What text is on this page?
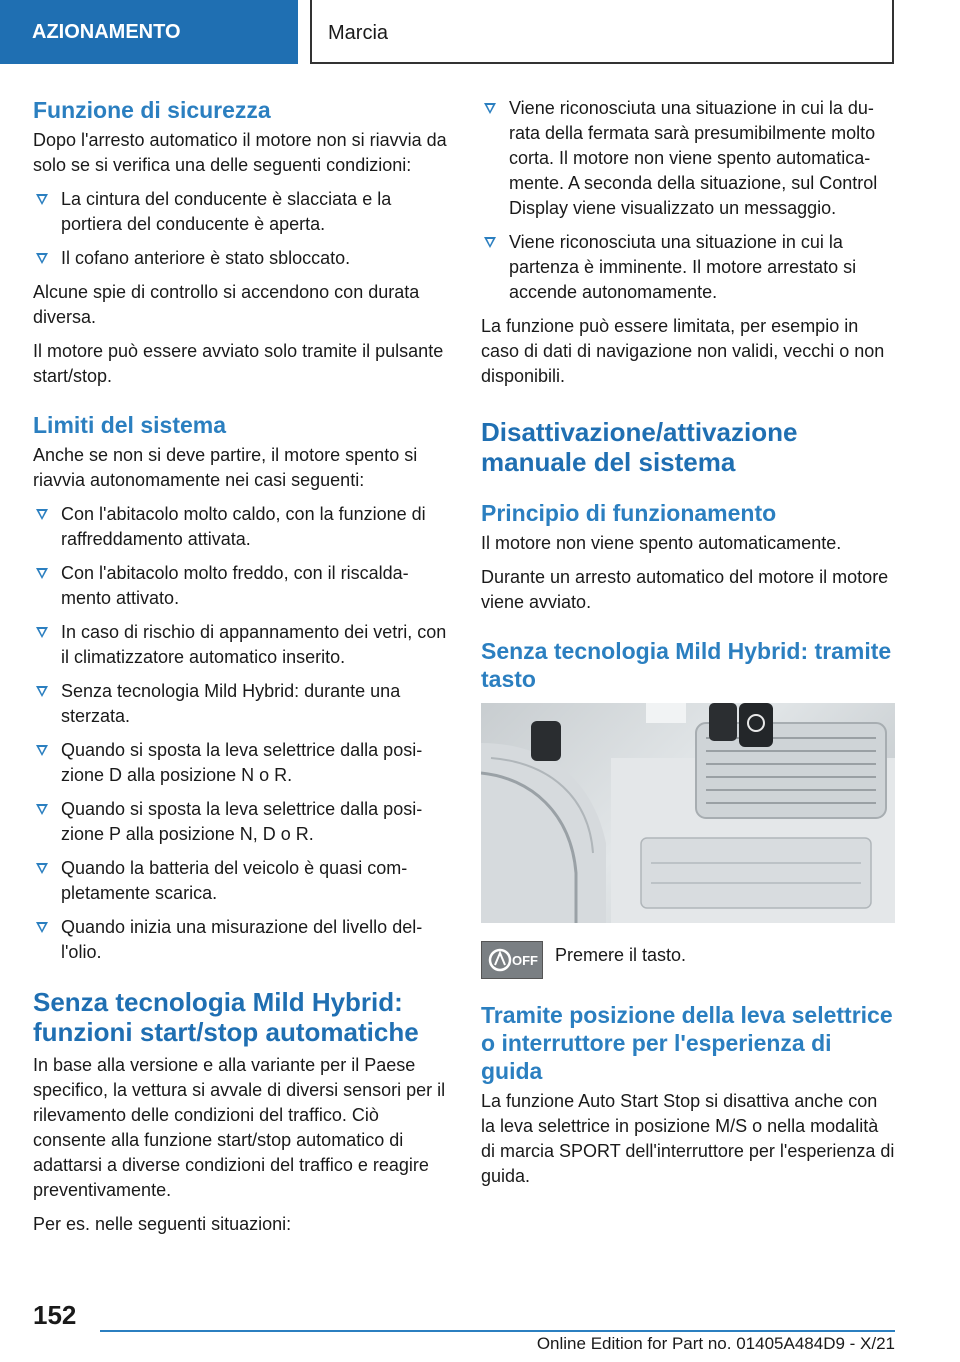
AZIONAMENTO	Marcia
Funzione di sicurezza

Dopo l'arresto automatico il motore non si riavvia da solo se si verifica una delle seguenti condizioni:

La cintura del conducente è slacciata e la portiera del conducente è aperta.
Il cofano anteriore è stato sbloccato.

Alcune spie di controllo si accendono con durata diversa.

Il motore può essere avviato solo tramite il pulsante start/stop.

Limiti del sistema

Anche se non si deve partire, il motore spento si riavvia autonomamente nei casi seguenti:

Con l'abitacolo molto caldo, con la funzione di raffreddamento attivata.
Con l'abitacolo molto freddo, con il riscaldamento attivato.
In caso di rischio di appannamento dei vetri, con il climatizzatore automatico inserito.
Senza tecnologia Mild Hybrid: durante una sterzata.
Quando si sposta la leva selettrice dalla posizione D alla posizione N o R.
Quando si sposta la leva selettrice dalla posizione P alla posizione N, D o R.
Quando la batteria del veicolo è quasi completamente scarica.
Quando inizia una misurazione del livello dell'olio.
Senza tecnologia Mild Hybrid: funzioni start/stop automatiche

In base alla versione e alla variante per il Paese specifico, la vettura si avvale di diversi sensori per il rilevamento delle condizioni del traffico. Ciò consente alla funzione start/stop automatico di adattarsi a diverse condizioni del traffico e reagire preventivamente.

Per es. nelle seguenti situazioni:

Viene riconosciuta una situazione in cui la durata della fermata sarà presumibilmente molto corta. Il motore non viene spento automaticamente. A seconda della situazione, sul Control Display viene visualizzato un messaggio.
Viene riconosciuta una situazione in cui la partenza è imminente. Il motore arrestato si accende autonomamente.

La funzione può essere limitata, per esempio in caso di dati di navigazione non validi, vecchi o non disponibili.

Disattivazione/attivazione manuale del sistema
Principio di funzionamento

Il motore non viene spento automaticamente.

Durante un arresto automatico del motore il motore viene avviato.

Senza tecnologia Mild Hybrid: tramite tasto
OFF Premere il tasto.

Tramite posizione della leva selettrice o interruttore per l'esperienza di guida

La funzione Auto Start Stop si disattiva anche con la leva selettrice in posizione M/S o nella modalità di marcia SPORT dell'interruttore per l'esperienza di guida.

152
Online Edition for Part no. 01405A484D9 - X/21
